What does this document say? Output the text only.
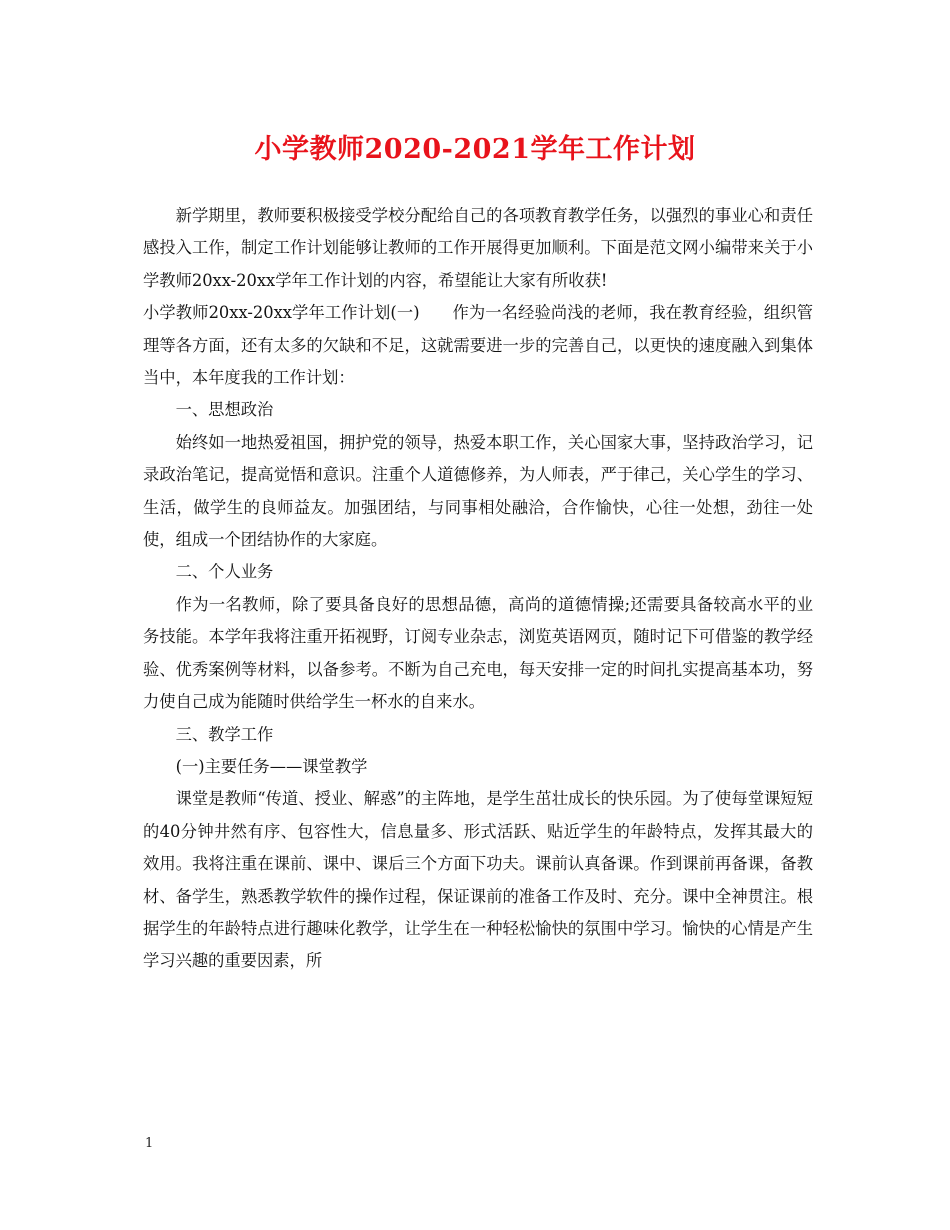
小学教师2020-2021学年工作计划

新学期里，教师要积极接受学校分配给自己的各项教育教学任务，以强烈的事业心和责任感投入工作，制定工作计划能够让教师的工作开展得更加顺利。下面是范文网小编带来关于小学教师20xx-20xx学年工作计划的内容，希望能让大家有所收获!

小学教师20xx-20xx学年工作计划(一)　　作为一名经验尚浅的老师，我在教育经验，组织管理等各方面，还有太多的欠缺和不足，这就需要进一步的完善自己，以更快的速度融入到集体当中，本年度我的工作计划：

一、思想政治

始终如一地热爱祖国，拥护党的领导，热爱本职工作，关心国家大事，坚持政治学习，记录政治笔记，提高觉悟和意识。注重个人道德修养，为人师表，严于律己，关心学生的学习、生活，做学生的良师益友。加强团结，与同事相处融洽，合作愉快，心往一处想，劲往一处使，组成一个团结协作的大家庭。

二、个人业务

作为一名教师，除了要具备良好的思想品德，高尚的道德情操;还需要具备较高水平的业务技能。本学年我将注重开拓视野，订阅专业杂志，浏览英语网页，随时记下可借鉴的教学经验、优秀案例等材料，以备参考。不断为自己充电，每天安排一定的时间扎实提高基本功，努力使自己成为能随时供给学生一杯水的自来水。

三、教学工作

(一)主要任务——课堂教学

课堂是教师“传道、授业、解惑”的主阵地，是学生茁壮成长的快乐园。为了使每堂课短短的40分钟井然有序、包容性大，信息量多、形式活跃、贴近学生的年龄特点，发挥其最大的效用。我将注重在课前、课中、课后三个方面下功夫。课前认真备课。作到课前再备课，备教材、备学生，熟悉教学软件的操作过程，保证课前的准备工作及时、充分。课中全神贯注。根据学生的年龄特点进行趣味化教学，让学生在一种轻松愉快的氛围中学习。愉快的心情是产生学习兴趣的重要因素，所

1
